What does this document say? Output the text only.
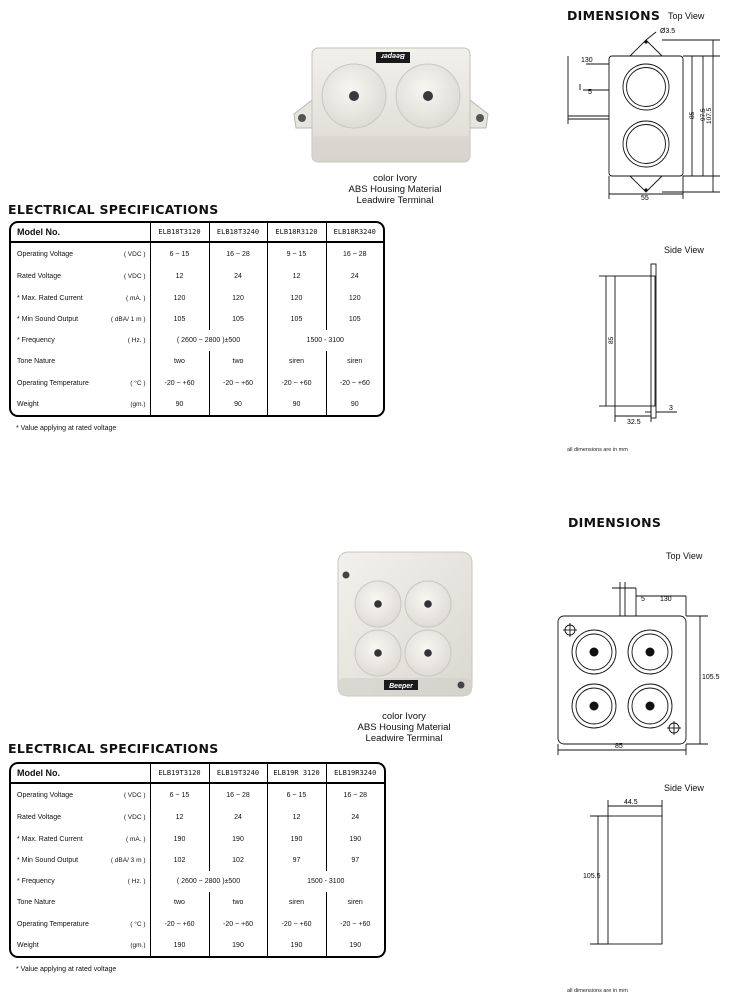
DIMENSIONS Top View
Beeper
color Ivory
ABS Housing Material
Leadwire Terminal
Ø3.5
130
5
85 97.5 107.5
55
ELECTRICAL SPECIFICATIONS
Model No.		ELB18T3120	ELB18T3240	ELB18R3120	ELB18R3240
Operating Voltage	( VDC )	6 ~ 15	16 ~ 28	9 ~ 15	16 ~ 28
Rated Voltage	( VDC )	12	24	12	24
* Max. Rated Current	( mA. )	120	120	120	120
* Min Sound Output	( dBA/ 1 m )	105	105	105	105
* Frequency	( Hz. )	( 2600 ~ 2800 )±500		1500 - 3100	
Tone Nature		two	two	siren	siren
Operating Temperature	( °C )	-20 ~ +60	-20 ~ +60	-20 ~ +60	-20 ~ +60
Weight	(gm.)	90	90	90	90
* Value applying at rated voltage
Side View
85
32.5
3
all dimensions are in mm
DIMENSIONS
Top View
Beeper
color Ivory
ABS Housing Material
Leadwire Terminal
5 130
105.5
85
ELECTRICAL SPECIFICATIONS
Model No.		ELB19T3120	ELB19T3240	ELB19R 3120	ELB19R3240
Operating Voltage	( VDC )	6 ~ 15	16 ~ 28	6 ~ 15	16 ~ 28
Rated Voltage	( VDC )	12	24	12	24
* Max. Rated Current	( mA. )	190	190	190	190
* Min Sound Output	( dBA/ 3 m )	102	102	97	97
* Frequency	( Hz. )	( 2600 ~ 2800 )±500		1500 - 3100	
Tone Nature		two	two	siren	siren
Operating Temperature	( °C )	-20 ~ +60	-20 ~ +60	-20 ~ +60	-20 ~ +60
Weight	(gm.)	190	190	190	190
* Value applying at rated voltage
Side View
44.5
105.5
all dimensions are in mm
